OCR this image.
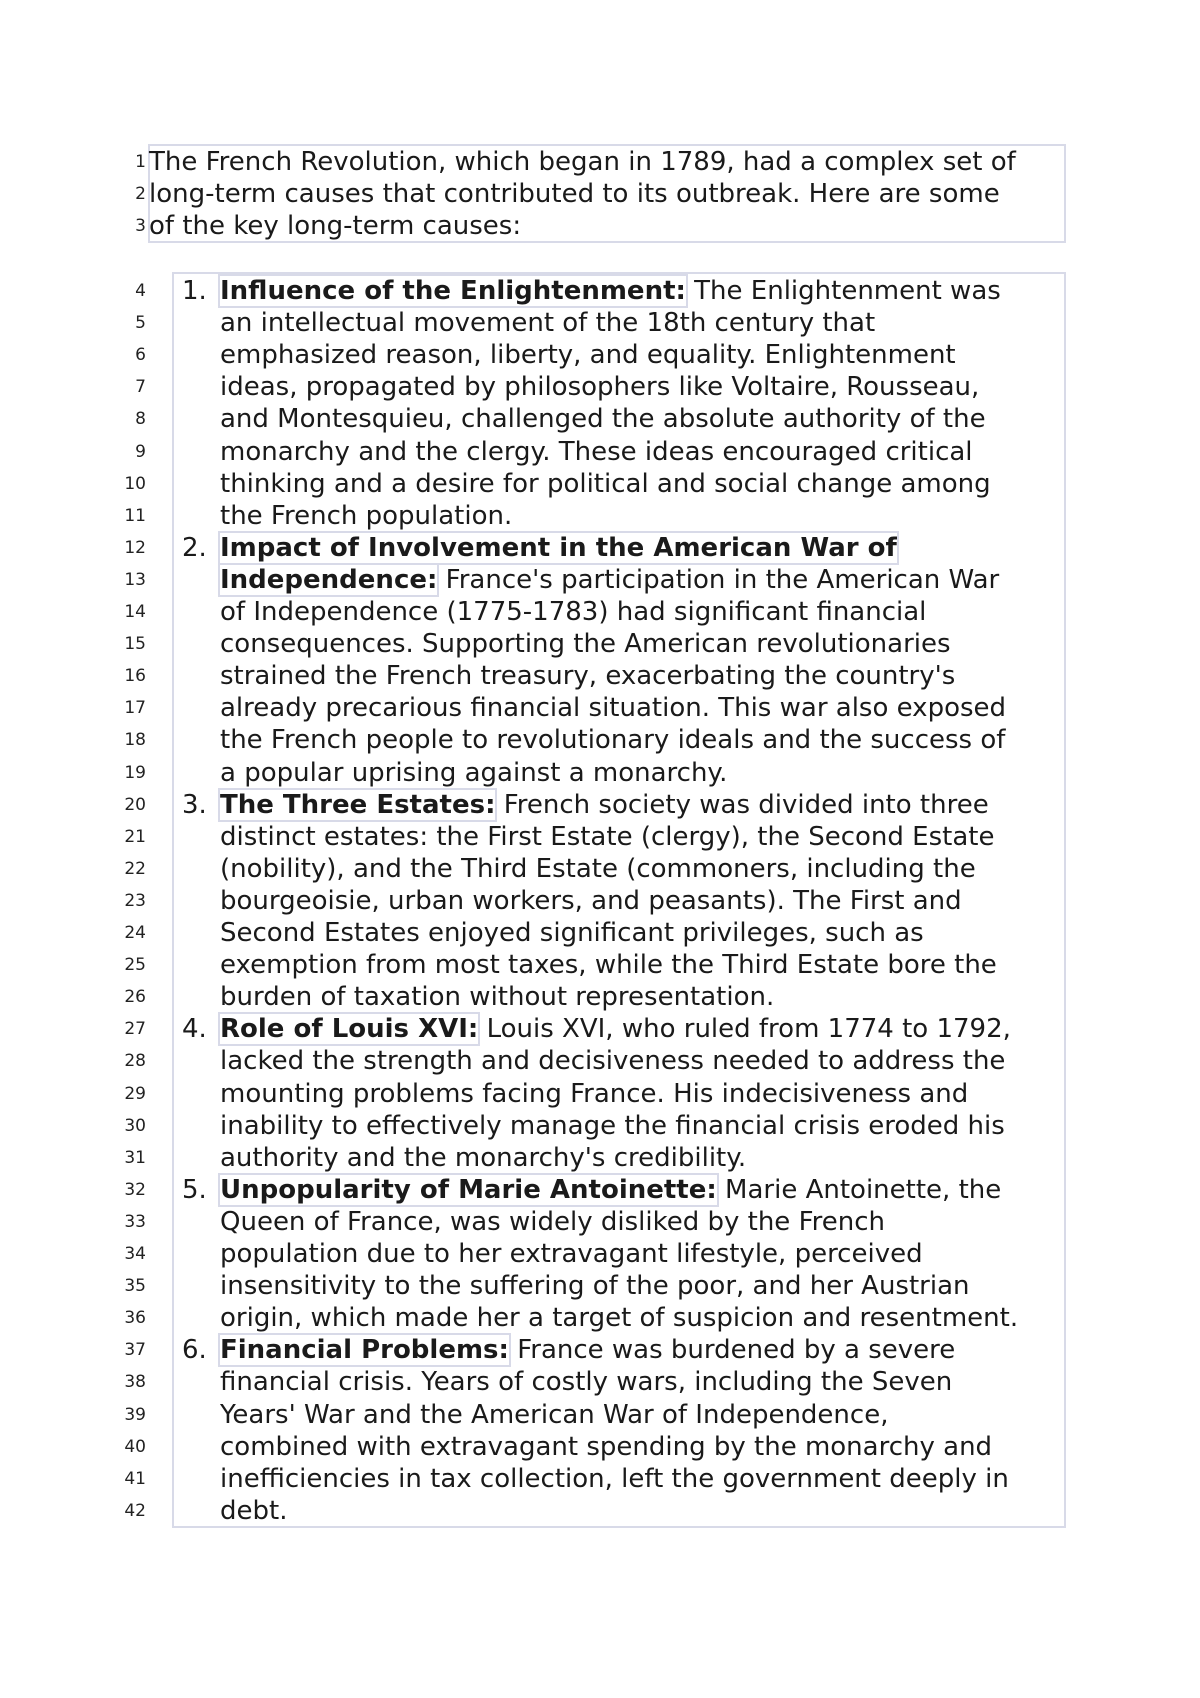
1 The French Revolution, which began in 1789, had a complex set of
2 long-term causes that contributed to its outbreak. Here are some
3 of the key long-term causes:
4 1. Influence of the Enlightenment: The Enlightenment was
5	an intellectual movement of the 18th century that
6	emphasized reason, liberty, and equality. Enlightenment
7	ideas, propagated by philosophers like Voltaire, Rousseau,
8	and Montesquieu, challenged the absolute authority of the
9	monarchy and the clergy. These ideas encouraged critical
10	thinking and a desire for political and social change among
11	the French population.
12 2. Impact of Involvement in the American War of
13	Independence: France's participation in the American War
14	of Independence (1775-1783) had significant financial
15	consequences. Supporting the American revolutionaries
16	strained the French treasury, exacerbating the country's
17	already precarious financial situation. This war also exposed
18	the French people to revolutionary ideals and the success of
19	a popular uprising against a monarchy.
20 3. The Three Estates: French society was divided into three
21	distinct estates: the First Estate (clergy), the Second Estate
22	(nobility), and the Third Estate (commoners, including the
23	bourgeoisie, urban workers, and peasants). The First and
24	Second Estates enjoyed significant privileges, such as
25	exemption from most taxes, while the Third Estate bore the
26	burden of taxation without representation.
27 4. Role of Louis XVI: Louis XVI, who ruled from 1774 to 1792,
28	lacked the strength and decisiveness needed to address the
29	mounting problems facing France. His indecisiveness and
30	inability to effectively manage the financial crisis eroded his
31	authority and the monarchy's credibility.
32 5. Unpopularity of Marie Antoinette: Marie Antoinette, the
33	Queen of France, was widely disliked by the French
34	population due to her extravagant lifestyle, perceived
35	insensitivity to the suffering of the poor, and her Austrian
36	origin, which made her a target of suspicion and resentment.
37 6. Financial Problems: France was burdened by a severe
38	financial crisis. Years of costly wars, including the Seven
39	Years' War and the American War of Independence,
40	combined with extravagant spending by the monarchy and
41	inefficiencies in tax collection, left the government deeply in
42	debt.
